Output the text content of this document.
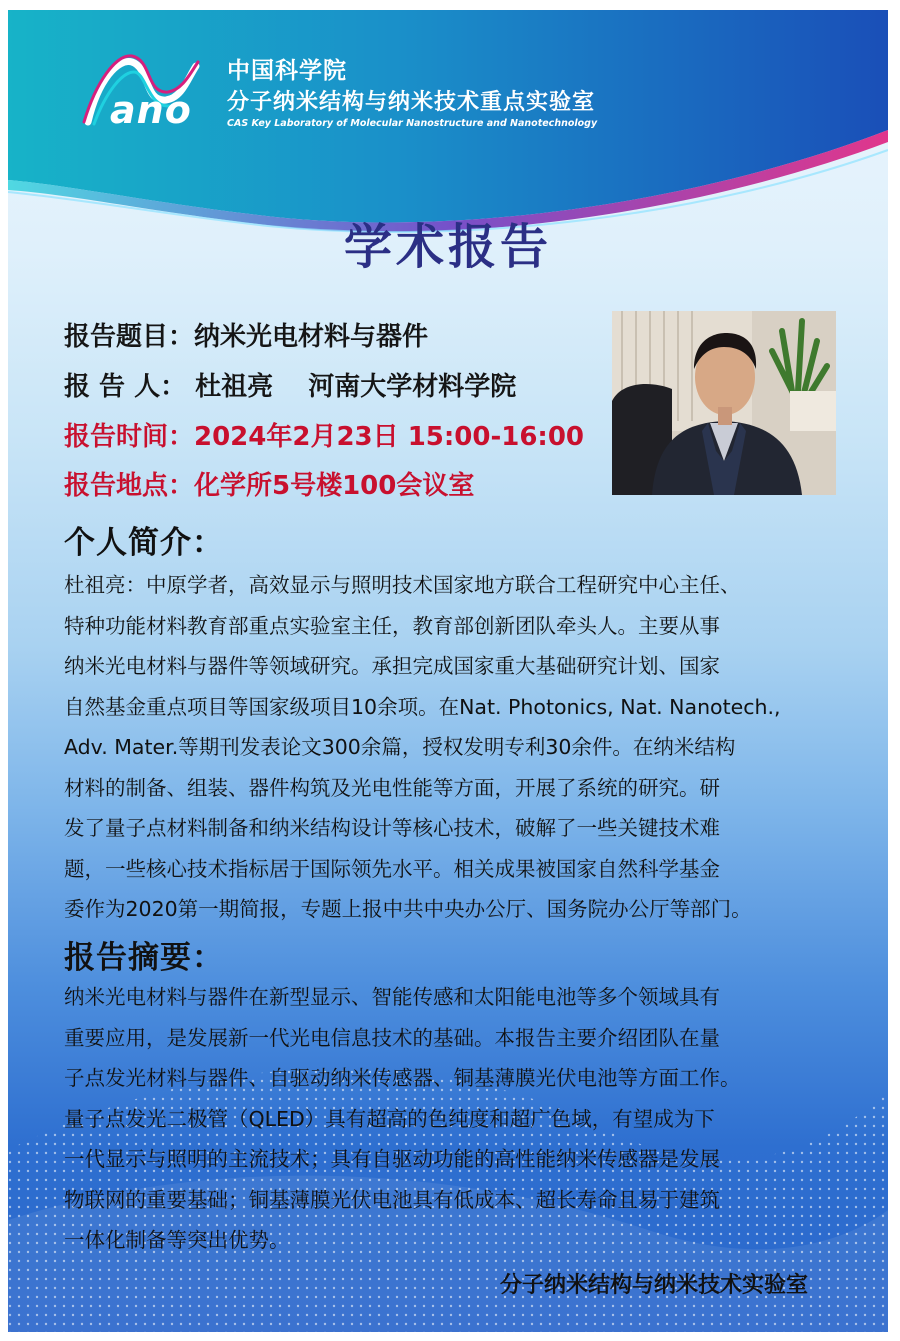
ano
中国科学院
分子纳米结构与纳米技术重点实验室
CAS Key Laboratory of Molecular Nanostructure and Nanotechnology
学术报告
报告题目：纳米光电材料与器件
报 告 人： 杜祖亮　 河南大学材料学院
报告时间：2024年2月23日 15:00-16:00
报告地点：化学所5号楼100会议室
个人简介：
杜祖亮：中原学者，高效显示与照明技术国家地方联合工程研究中心主任、
特种功能材料教育部重点实验室主任，教育部创新团队牵头人。主要从事
纳米光电材料与器件等领域研究。承担完成国家重大基础研究计划、国家
自然基金重点项目等国家级项目10余项。在Nat. Photonics, Nat. Nanotech.,
Adv. Mater.等期刊发表论文300余篇，授权发明专利30余件。在纳米结构
材料的制备、组装、器件构筑及光电性能等方面，开展了系统的研究。研
发了量子点材料制备和纳米结构设计等核心技术，破解了一些关键技术难
题，一些核心技术指标居于国际领先水平。相关成果被国家自然科学基金
委作为2020第一期简报，专题上报中共中央办公厅、国务院办公厅等部门。
报告摘要：
纳米光电材料与器件在新型显示、智能传感和太阳能电池等多个领域具有
重要应用，是发展新一代光电信息技术的基础。本报告主要介绍团队在量
子点发光材料与器件、自驱动纳米传感器、铜基薄膜光伏电池等方面工作。
量子点发光二极管（QLED）具有超高的色纯度和超广色域，有望成为下
一代显示与照明的主流技术；具有自驱动功能的高性能纳米传感器是发展
物联网的重要基础；铜基薄膜光伏电池具有低成本、超长寿命且易于建筑
一体化制备等突出优势。
分子纳米结构与纳米技术实验室
